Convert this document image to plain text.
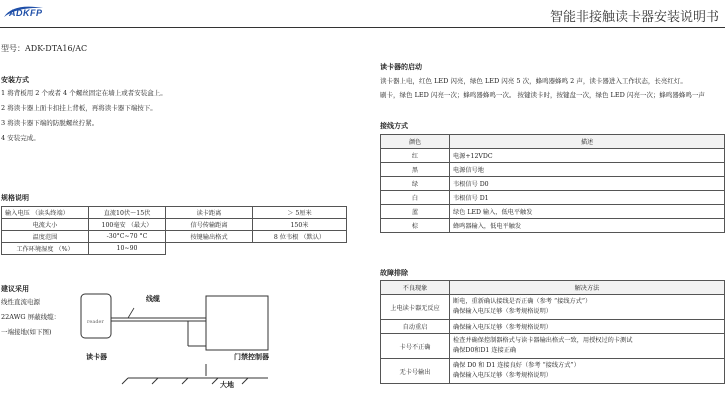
ADKFP	智能非接触读卡器安装说明书
型号：ADK-DTA16/AC
安装方式
1 将背板用 2 个或者 4 个螺丝固定在墙上或者安装盒上。
2 将读卡器上面卡扣挂上背板，再将读卡器下端按下。
3 将读卡器下端的防脱螺丝拧紧。
4 安装完成。
规格说明
输入电压 （读头终端）	直流10伏～15伏	读卡距离	＞ 5厘米
电流大小	100毫安 （最大）	信号传输距离	150米
温度范围	-30°C~70 °C	按键输出格式	8 位韦根 （默认）
工作环境湿度 （%）	10~90		
建议采用
线性直流电源
22AWG 屏蔽线缆：
一端接地(如下图)
reader
线缆
读卡器	门禁控制器
大地
读卡器的启动
读卡器上电，红色 LED 闪亮，绿色 LED 闪亮 5 次，蜂鸣器蜂鸣 2 声，读卡器进入工作状态，长亮红灯。
刷卡，绿色 LED 闪亮一次；蜂鸣器蜂鸣一次。 按键读卡时，按键盘一次，绿色 LED 闪亮一次；蜂鸣器蜂鸣一声
接线方式
颜色	描述
红	电源+12VDC
黑	电源信号地
绿	韦根信号 D0
白	韦根信号 D1
蓝	绿色 LED 输入，低电平触发
棕	蜂鸣器输入，低电平触发
故障排除
不良现象	解决方法
上电读卡器无反应	断电，重新确认接线是否正确（参考 “接线方式”）
确保输入电压足够（参考规格说明）

自动重启	确保输入电压足够（参考规格说明）
卡号不正确	检查并确保控制器格式与读卡器输出格式一致，用授权过的卡测试
确保D0和D1 连接正确

无卡号输出	确保 D0 和 D1 连接良好（参考 “接线方式”）
确保输入电压足够（参考规格说明）
